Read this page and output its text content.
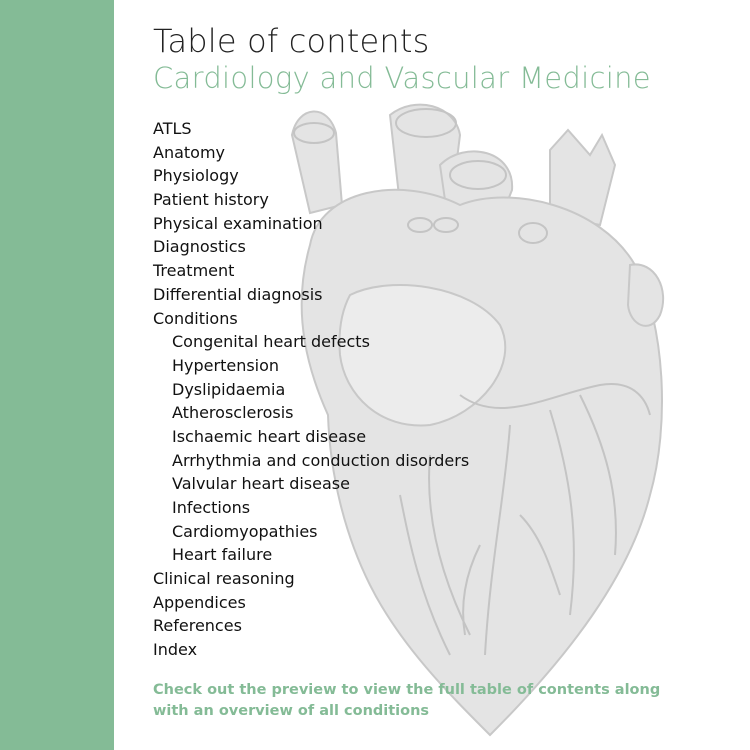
Table of contents
Cardiology and Vascular Medicine
ATLS
Anatomy
Physiology
Patient history
Physical examination
Diagnostics
Treatment
Differential diagnosis
Conditions
Congenital heart defects
Hypertension
Dyslipidaemia
Atherosclerosis
Ischaemic heart disease
Arrhythmia and conduction disorders
Valvular heart disease
Infections
Cardiomyopathies
Heart failure
Clinical reasoning
Appendices
References
Index
Check out the preview to view the full table of contents along with an overview of all conditions
